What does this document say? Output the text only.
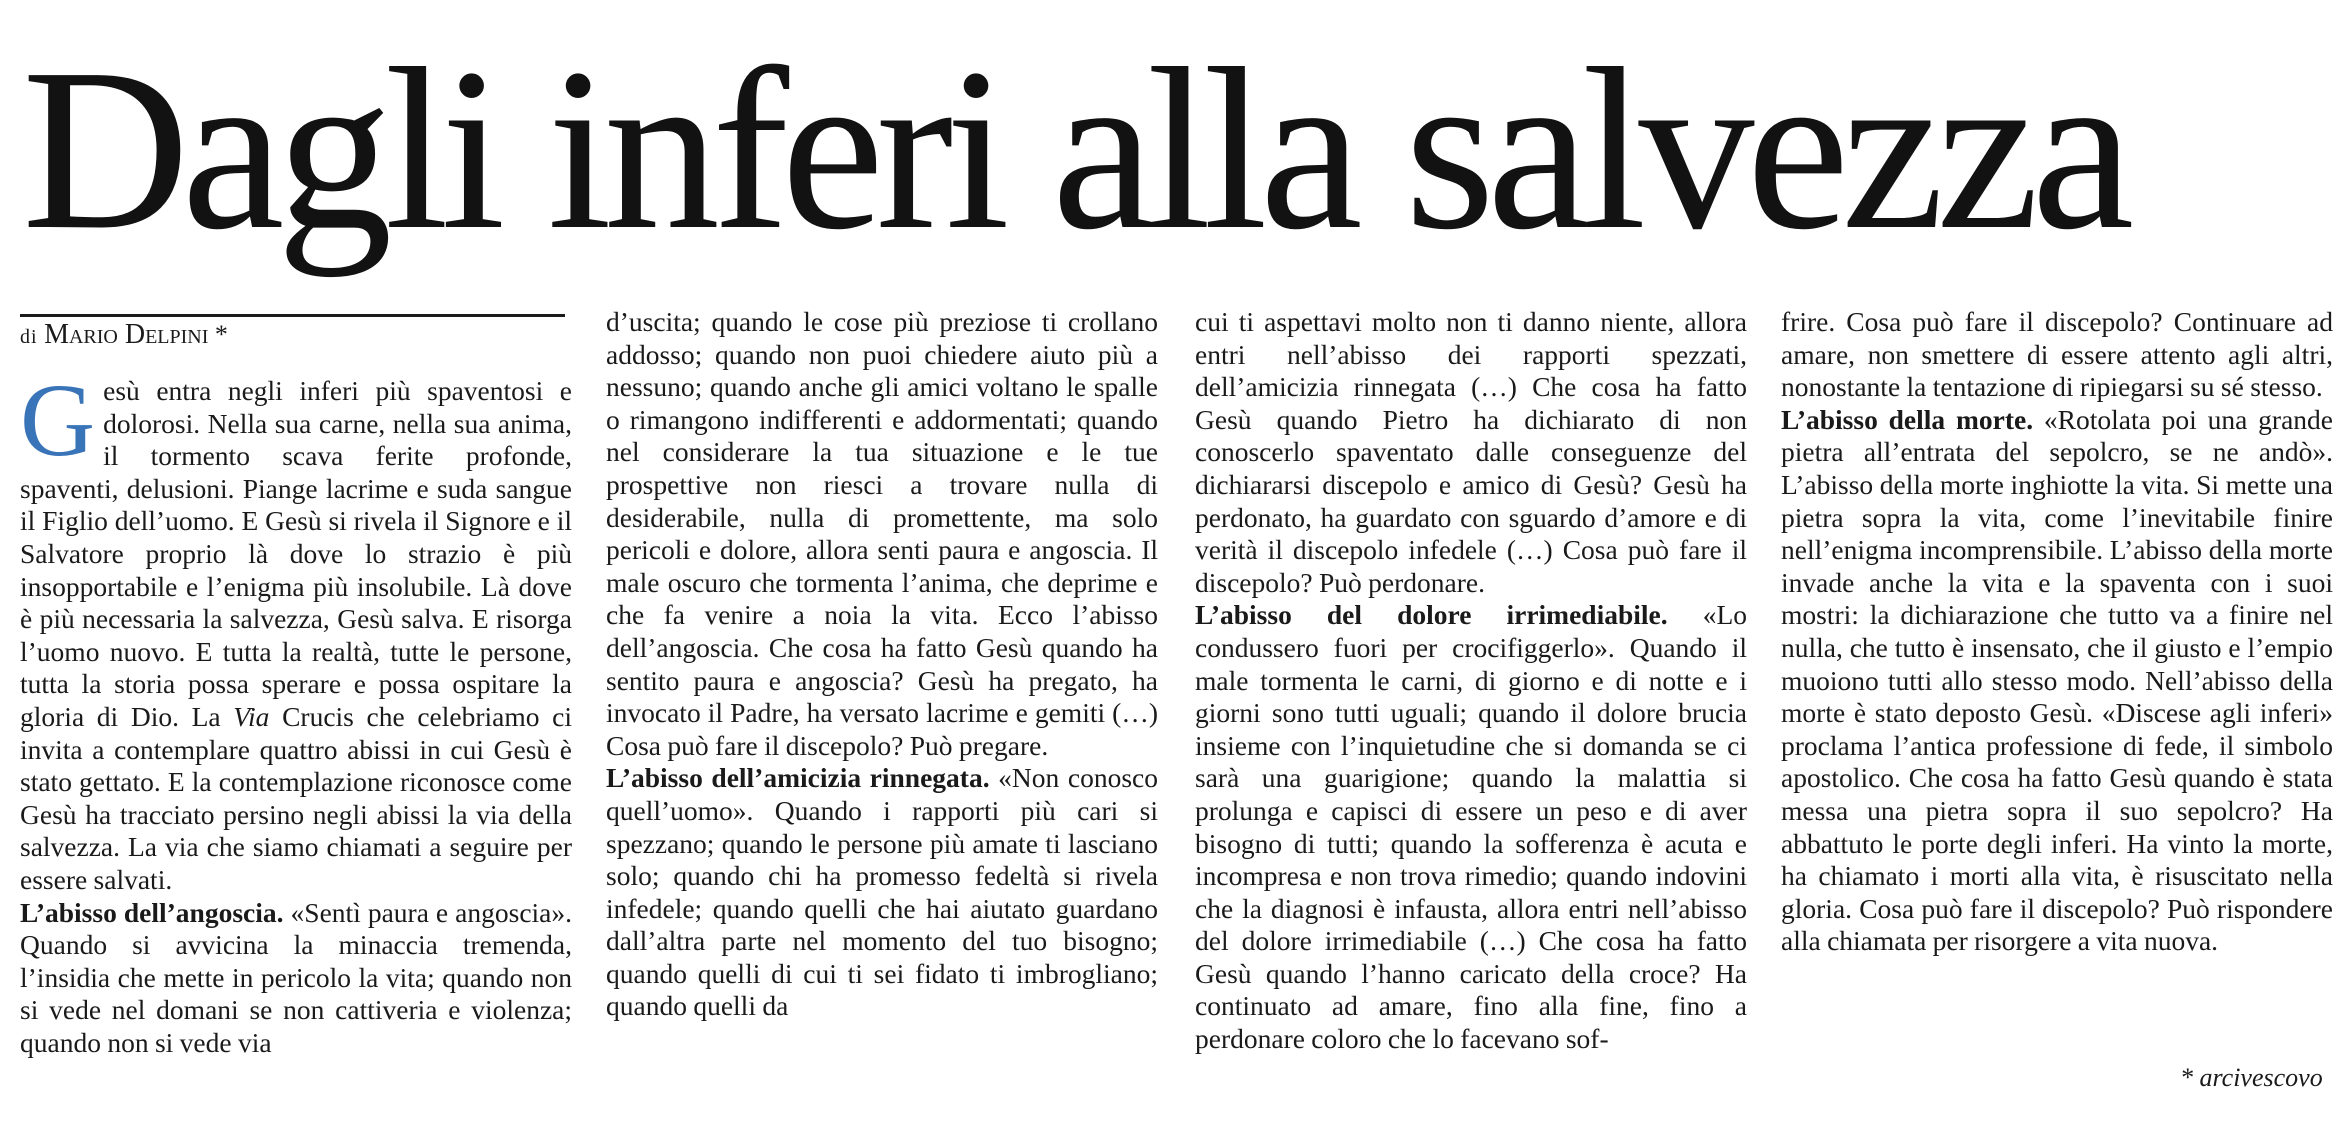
Dagli inferi alla salvezza
di Mario Delpini *

Gesù entra negli inferi più spaventosi e dolorosi. Nella sua carne, nella sua anima, il tormento scava ferite profonde, spaventi, delusioni. Piange lacrime e suda sangue il Figlio dell’uomo. E Gesù si rivela il Signore e il Salvatore proprio là dove lo strazio è più insopportabile e l’enigma più insolubile. Là dove è più necessaria la salvezza, Gesù salva. E risorga l’uomo nuovo. E tutta la realtà, tutte le persone, tutta la storia possa sperare e possa ospitare la gloria di Dio. La Via Crucis che celebriamo ci invita a contemplare quattro abissi in cui Gesù è stato gettato. E la contemplazione riconosce come Gesù ha tracciato persino negli abissi la via della salvezza. La via che siamo chiamati a seguire per essere salvati.

L’abisso dell’angoscia. «Sentì paura e angoscia». Quando si avvicina la minaccia tremenda, l’insidia che mette in pericolo la vita; quando non si vede nel domani se non cattiveria e violenza; quando non si vede via

d’uscita; quando le cose più preziose ti crollano addosso; quando non puoi chiedere aiuto più a nessuno; quando anche gli amici voltano le spalle o rimangono indifferenti e addormentati; quando nel considerare la tua situazione e le tue prospettive non riesci a trovare nulla di desiderabile, nulla di promettente, ma solo pericoli e dolore, allora senti paura e angoscia. Il male oscuro che tormenta l’anima, che deprime e che fa venire a noia la vita. Ecco l’abisso dell’angoscia. Che cosa ha fatto Gesù quando ha sentito paura e angoscia? Gesù ha pregato, ha invocato il Padre, ha versato lacrime e gemiti (…) Cosa può fare il discepolo? Può pregare.

L’abisso dell’amicizia rinnegata. «Non conosco quell’uomo». Quando i rapporti più cari si spezzano; quando le persone più amate ti lasciano solo; quando chi ha promesso fedeltà si rivela infedele; quando quelli che hai aiutato guardano dall’altra parte nel momento del tuo bisogno; quando quelli di cui ti sei fidato ti imbrogliano; quando quelli da

cui ti aspettavi molto non ti danno niente, allora entri nell’abisso dei rapporti spezzati, dell’amicizia rinnegata (…) Che cosa ha fatto Gesù quando Pietro ha dichiarato di non conoscerlo spaventato dalle conseguenze del dichiararsi discepolo e amico di Gesù? Gesù ha perdonato, ha guardato con sguardo d’amore e di verità il discepolo infedele (…) Cosa può fare il discepolo? Può perdonare.

L’abisso del dolore irrimediabile. «Lo condussero fuori per crocifiggerlo». Quando il male tormenta le carni, di giorno e di notte e i giorni sono tutti uguali; quando il dolore brucia insieme con l’inquietudine che si domanda se ci sarà una guarigione; quando la malattia si prolunga e capisci di essere un peso e di aver bisogno di tutti; quando la sofferenza è acuta e incompresa e non trova rimedio; quando indovini che la diagnosi è infausta, allora entri nell’abisso del dolore irrimediabile (…) Che cosa ha fatto Gesù quando l’hanno caricato della croce? Ha continuato ad amare, fino alla fine, fino a perdonare coloro che lo facevano sof-

frire. Cosa può fare il discepolo? Continuare ad amare, non smettere di essere attento agli altri, nonostante la tentazione di ripiegarsi su sé stesso.

L’abisso della morte. «Rotolata poi una grande pietra all’entrata del sepolcro, se ne andò». L’abisso della morte inghiotte la vita. Si mette una pietra sopra la vita, come l’inevitabile finire nell’enigma incomprensibile. L’abisso della morte invade anche la vita e la spaventa con i suoi mostri: la dichiarazione che tutto va a finire nel nulla, che tutto è insensato, che il giusto e l’empio muoiono tutti allo stesso modo. Nell’abisso della morte è stato deposto Gesù. «Discese agli inferi» proclama l’antica professione di fede, il simbolo apostolico. Che cosa ha fatto Gesù quando è stata messa una pietra sopra il suo sepolcro? Ha abbattuto le porte degli inferi. Ha vinto la morte, ha chiamato i morti alla vita, è risuscitato nella gloria. Cosa può fare il discepolo? Può rispondere alla chiamata per risorgere a vita nuova.

* arcivescovo
